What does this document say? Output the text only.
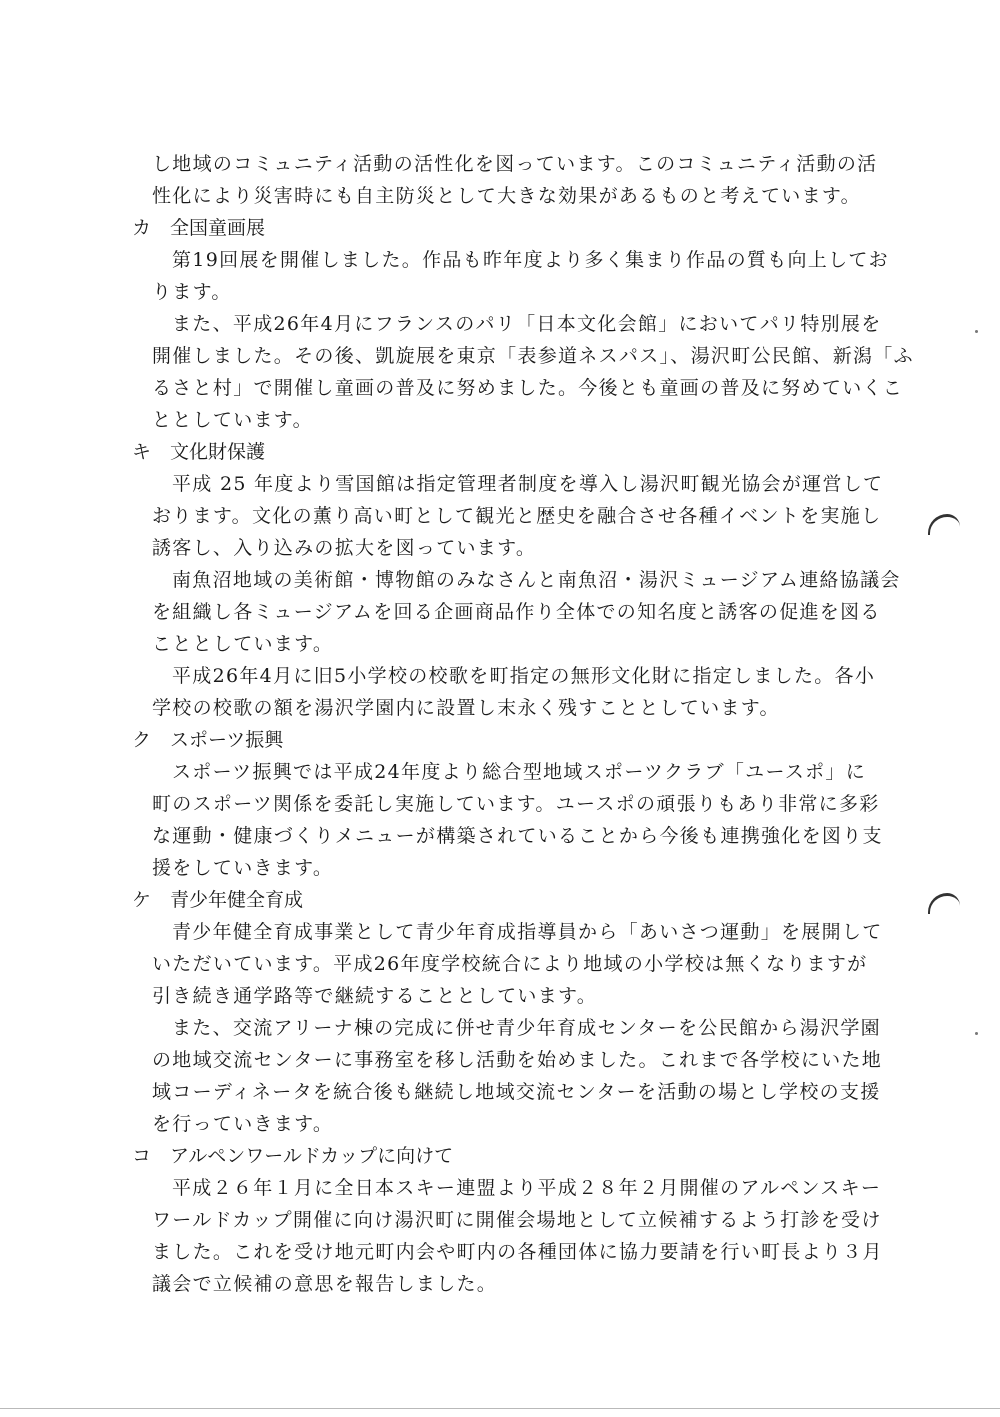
し地域のコミュニティ活動の活性化を図っています。このコミュニティ活動の活
性化により災害時にも自主防災として大きな効果があるものと考えています。
カ 全国童画展
第19回展を開催しました。作品も昨年度より多く集まり作品の質も向上してお
ります。
また、平成26年4月にフランスのパリ「日本文化会館」においてパリ特別展を
開催しました。その後、凱旋展を東京「表参道ネスパス」、湯沢町公民館、新潟「ふ
るさと村」で開催し童画の普及に努めました。今後とも童画の普及に努めていくこ
ととしています。
キ 文化財保護
平成 25 年度より雪国館は指定管理者制度を導入し湯沢町観光協会が運営して
おります。文化の薫り高い町として観光と歴史を融合させ各種イベントを実施し
誘客し、入り込みの拡大を図っています。
南魚沼地域の美術館・博物館のみなさんと南魚沼・湯沢ミュージアム連絡協議会
を組織し各ミュージアムを回る企画商品作り全体での知名度と誘客の促進を図る
こととしています。
平成26年4月に旧5小学校の校歌を町指定の無形文化財に指定しました。各小
学校の校歌の額を湯沢学園内に設置し末永く残すこととしています。
ク スポーツ振興
スポーツ振興では平成24年度より総合型地域スポーツクラブ「ユースポ」に
町のスポーツ関係を委託し実施しています。ユースポの頑張りもあり非常に多彩
な運動・健康づくりメニューが構築されていることから今後も連携強化を図り支
援をしていきます。
ケ 青少年健全育成
青少年健全育成事業として青少年育成指導員から「あいさつ運動」を展開して
いただいています。平成26年度学校統合により地域の小学校は無くなりますが
引き続き通学路等で継続することとしています。
また、交流アリーナ棟の完成に併せ青少年育成センターを公民館から湯沢学園
の地域交流センターに事務室を移し活動を始めました。これまで各学校にいた地
域コーディネータを統合後も継続し地域交流センターを活動の場とし学校の支援
を行っていきます。
コ アルペンワールドカップに向けて
平成２６年１月に全日本スキー連盟より平成２８年２月開催のアルペンスキー
ワールドカップ開催に向け湯沢町に開催会場地として立候補するよう打診を受け
ました。これを受け地元町内会や町内の各種団体に協力要請を行い町長より３月
議会で立候補の意思を報告しました。
